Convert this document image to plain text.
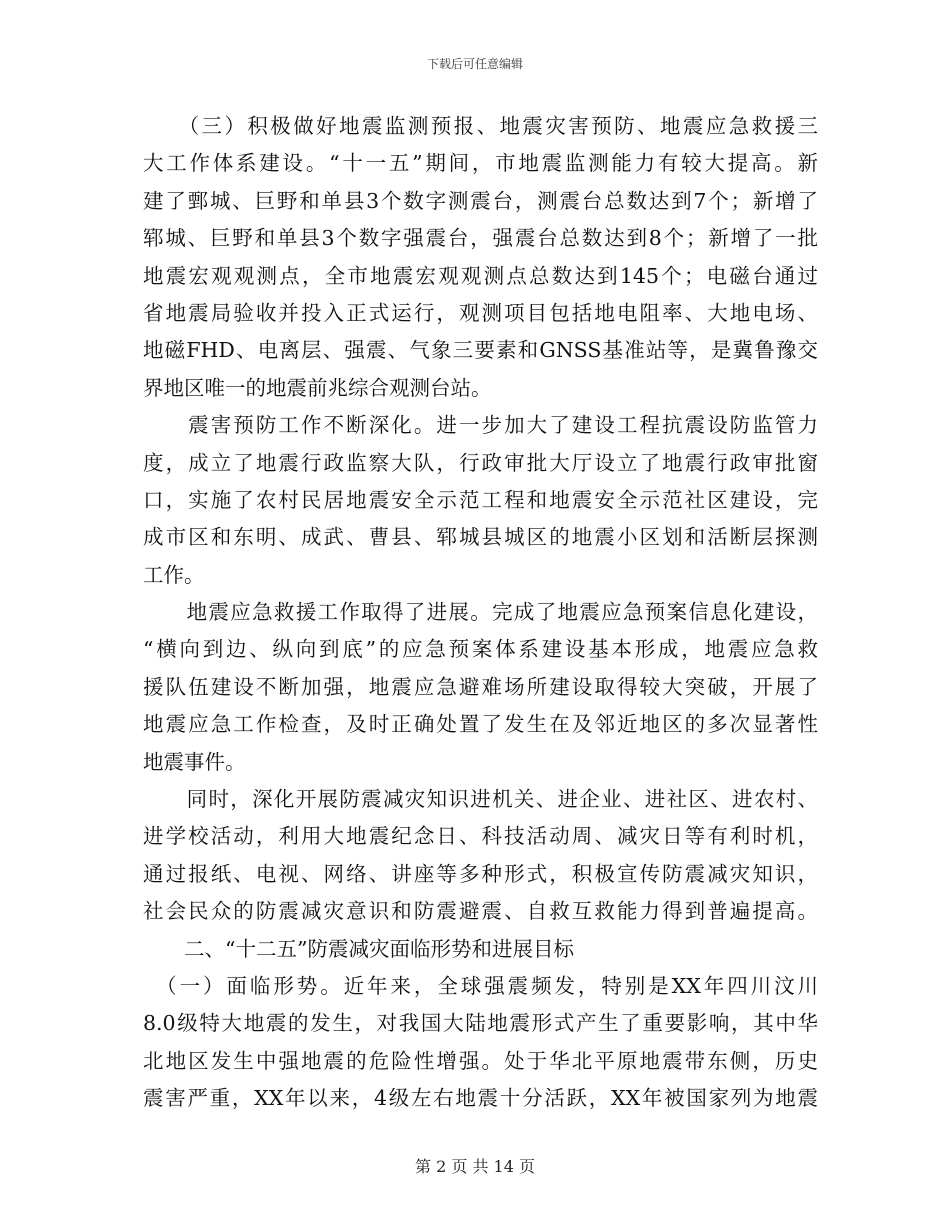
下载后可任意编辑
　　（三）积极做好地震监测预报、地震灾害预防、地震应急救援三
大工作体系建设。“十一五”期间，市地震监测能力有较大提高。新
建了鄄城、巨野和单县3个数字测震台，测震台总数达到7个；新增了
郓城、巨野和单县3个数字强震台，强震台总数达到8个；新增了一批
地震宏观观测点，全市地震宏观观测点总数达到145个；电磁台通过
省地震局验收并投入正式运行，观测项目包括地电阻率、大地电场、
地磁FHD、电离层、强震、气象三要素和GNSS基准站等，是冀鲁豫交
界地区唯一的地震前兆综合观测台站。
　　震害预防工作不断深化。进一步加大了建设工程抗震设防监管力
度，成立了地震行政监察大队，行政审批大厅设立了地震行政审批窗
口，实施了农村民居地震安全示范工程和地震安全示范社区建设，完
成市区和东明、成武、曹县、郓城县城区的地震小区划和活断层探测
工作。
　　地震应急救援工作取得了进展。完成了地震应急预案信息化建设，
“横向到边、纵向到底”的应急预案体系建设基本形成，地震应急救
援队伍建设不断加强，地震应急避难场所建设取得较大突破，开展了
地震应急工作检查，及时正确处置了发生在及邻近地区的多次显著性
地震事件。
　　同时，深化开展防震减灾知识进机关、进企业、进社区、进农村、
进学校活动，利用大地震纪念日、科技活动周、减灾日等有利时机，
通过报纸、电视、网络、讲座等多种形式，积极宣传防震减灾知识，
社会民众的防震减灾意识和防震避震、自救互救能力得到普遍提高。
　　二、“十二五”防震减灾面临形势和进展目标
　（一）面临形势。近年来，全球强震频发，特别是XX年四川汶川
8.0级特大地震的发生，对我国大陆地震形式产生了重要影响，其中华
北地区发生中强地震的危险性增强。处于华北平原地震带东侧，历史
震害严重，XX年以来，4级左右地震十分活跃，XX年被国家列为地震
第 2 页 共 14 页
